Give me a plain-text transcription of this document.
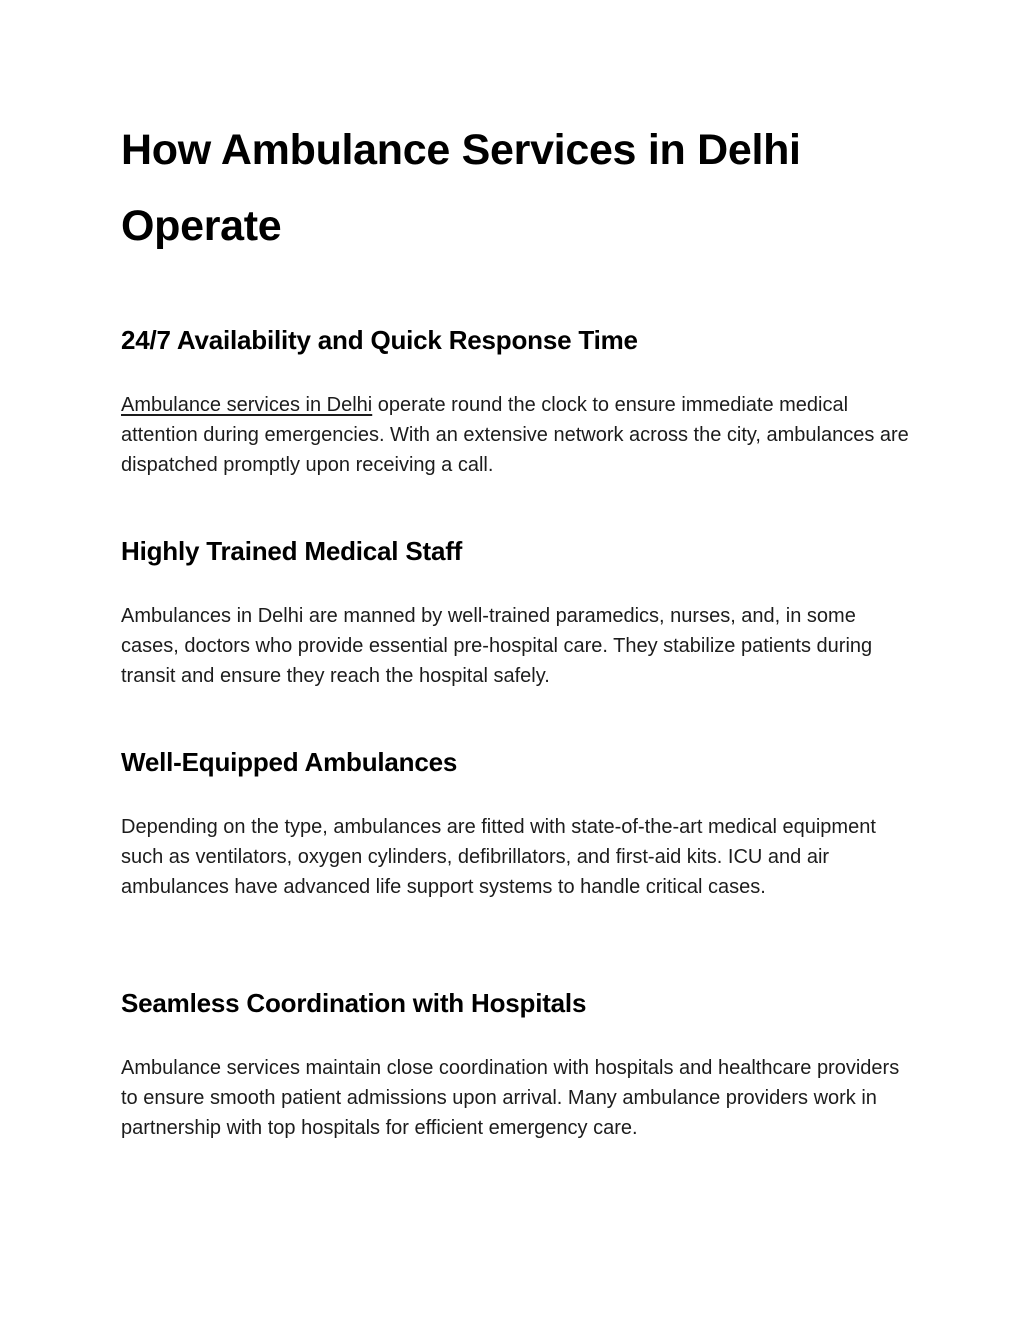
How Ambulance Services in Delhi Operate
24/7 Availability and Quick Response Time

Ambulance services in Delhi operate round the clock to ensure immediate medical attention during emergencies. With an extensive network across the city, ambulances are dispatched promptly upon receiving a call.

Highly Trained Medical Staff

Ambulances in Delhi are manned by well-trained paramedics, nurses, and, in some cases, doctors who provide essential pre-hospital care. They stabilize patients during transit and ensure they reach the hospital safely.

Well-Equipped Ambulances

Depending on the type, ambulances are fitted with state-of-the-art medical equipment such as ventilators, oxygen cylinders, defibrillators, and first-aid kits. ICU and air ambulances have advanced life support systems to handle critical cases.

Seamless Coordination with Hospitals

Ambulance services maintain close coordination with hospitals and healthcare providers to ensure smooth patient admissions upon arrival. Many ambulance providers work in partnership with top hospitals for efficient emergency care.
